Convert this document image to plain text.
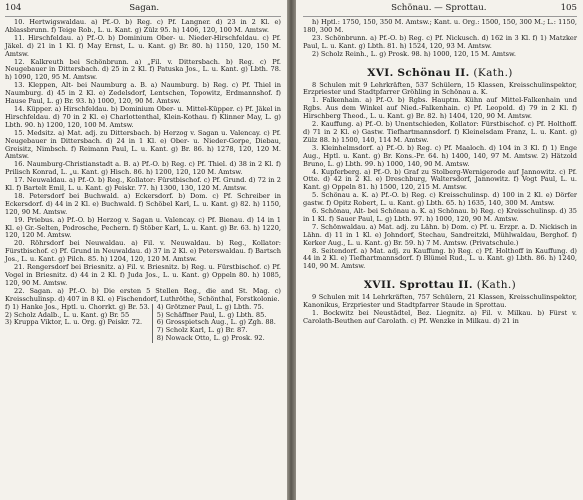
104	Sagan.

10. Hertwigswaldau. a) Pf.-O. b) Reg. c) Pf. Langner. d) 23 in 2 Kl. e) Ablassbrunn. f) Teige Rob., L. u. Kant. g) Zülz 95. h) 1406, 120, 100 M. Amtsw.

11. Hirschfeldau. a) Pf.-O. b) Dominium Ober- u. Nieder-Hirschfeldau. c) Pf. Jäkel. d) 21 in 1 Kl. f) May Ernst, L. u. Kant. g) Br. 80. h) 1150, 120, 150 M. Amtsw.

12. Kalkreuth bei Schönbrunn. a) „Fil. v. Dittersbach. b) Reg. c) Pf. Neugebauer in Dittersbach. d) 25 in 2 Kl. f) Patuska Jos., L. u. Kant. g) Lbth. 78. h) 1090, 120, 95 M. Amtsw.

13. Kleppen, Alt- bei Naumburg a. B. a) Naumburg. b) Reg. c) Pf. Thiel in Naumburg. d) 45 in 2 Kl. e) Zedelsdorf, Lentschen, Topowitz, Erdmannshof. f) Hause Paul, L. g) Br. 93. h) 1000, 120, 90 M. Amtsw.

14. Küpper. a) Hirschfeldau. b) Dominium Ober- u. Mittel-Küpper. c) Pf. Jäkel in Hirschfeldau. d) 70 in 2 Kl. e) Charlottenthal, Klein-Kothau. f) Klinner May, L. g) Lbth. 90. h) 1200, 120, 100 M. Amtsw.

15. Medsitz. a) Mat. adj. zu Dittersbach. b) Herzog v. Sagan u. Valencay. c) Pf. Neugebauer in Dittersbach. d) 24 in 1 Kl. e) Ober- u. Nieder-Gorpe, Diebau, Greisitz, Nimbsch. f) Reimann Paul, L. u. Kant. g) Br. 86. h) 1278, 120, 120 M. Amtsw.

16. Naumburg-Christianstadt a. B. a) Pf.-O. b) Reg. c) Pf. Thiel. d) 38 in 2 Kl. f) Prilisch Konrad, L. „u. Kant. g) Hisch. 86. h) 1200, 120, 120 M. Amtsw.

17. Neuwaldau. a) Pf.-O. b) Reg., Kollator: Fürstbischof. c) Pf. Grund. d) 72 in 2 Kl. f) Bartelt Emil, L. u. Kant. g) Peiskr. 77. h) 1300, 130, 120 M. Amtsw.

18. Petersdorf bei Buchwald. a) Eckersdorf. b) Dom. c) Pf. Schreiber in Eckersdorf. d) 44 in 2 Kl. e) Buchwald. f) Schöbel Karl, L. u. Kant. g) 82. h) 1150, 120, 90 M. Amtsw.

19. Priebus. a) Pf.-O. b) Herzog v. Sagan u. Valencay. c) Pf. Bienau. d) 14 in 1 Kl. e) Gr.-Selten, Podrosche, Pechern. f) Stöber Karl, L. u. Kant. g) Br. 63. h) 1220, 120, 120 M. Amtsw.

20. Röhrsdorf bei Neuwaldau. a) Fil. v. Neuwaldau. b) Reg., Kollator: Fürstbischof. c) Pf. Grund in Neuwaldau. d) 37 in 2 Kl. e) Peterswaldau. f) Bartsch Jos., L. u. Kant. g) Pilch. 85. h) 1204, 120, 120 M. Amtsw.

21. Rengersdorf bei Briesnitz. a) Fil. v. Briesnitz. b) Reg. u. Fürstbischof. c) Pf. Vogel in Briesnitz. d) 44 in 2 Kl. f) Juda Jos., L. u. Kant. g) Oppeln 80. h) 1085, 120, 90 M. Amtsw.

22. Sagan. a) Pf.-O. b) Die ersten 5 Stellen Reg., die and St. Mag. c) Kreisschulinsp. d) 407 in 8 Kl. e) Fischendorf, Luthröthe, Schönthal, Forstkolonie.

f) 1) Hanke Jos., Hptl. u. Chorrkt. g) Br. 53.
2) Scholz Adalb., L. u. Kant. g) Br. 55
3) Kruppa Viktor, L. u. Org. g) Peiskr. 72.
4) Grötzner Paul, L. g) Lbth. 75.
5) Schäffner Paul, L. g) Lbth. 85.
6) Grosspietsch Aug., L. g) Zgh. 88.
7) Scholz Karl, L. g) Br. 87.
8) Nowack Otto, L. g) Prosk. 92.
Schönau. — Sprottau.	105

h) Hptl.: 1750, 150, 350 M. Amtsw.; Kant. u. Org.: 1500, 150, 300 M.; L.: 1150, 180, 300 M.

23. Schönbrunn. a) Pf.-O. b) Reg. c) Pf. Nickusch. d) 162 in 3 Kl. f) 1) Matzker Paul, L. u. Kant. g) Lbth. 81. h) 1524, 120, 93 M. Amtsw.

2) Scholz Reinh., L. g) Prosk. 98. h) 1000, 120, 15 M. Amtsw.

XVI. Schönau II. (Kath.)

8 Schulen mit 9 Lehrkräften, 537 Schülern, 15 Klassen, Kreisschulinspektor, Erzpriester und Stadtpfarrer Gröhling in Schönau a. K.

1. Falkenhain. a) Pf.-O. b) Rgbs. Hauptm. Kühn auf Mittel-Falkenhain und Rgbs. Aus dem Winkel auf Nied.-Falkenhain. c) Pf. Leopold. d) 79 in 2 Kl. f) Hirschberg Theod., L. u. Kant. g) Br. 82. h) 1404, 120, 90 M. Amtsw.

2. Kauffung. a) Pf.-O. b) Unentschieden, Kollator: Fürstbischof. c) Pf. Holthoff. d) 71 in 2 Kl. e) Gastw. Tiefhartmannsdorf. f) Kleinelsdam Franz, L. u. Kant. g) Zülz 88. h) 1500, 140, 114 M. Amtsw.

3. Kleinhelmsdorf. a) Pf.-O. b) Reg. c) Pf. Maaloch. d) 104 in 3 Kl. f) 1) Enge Aug., Hptl. u. Kant. g) Br. Kons.-Pr. 64. h) 1400, 140, 97 M. Amtsw. 2) Hätzold Bruno, L. g) Lbth. 99. h) 1000, 140, 90 M. Amtsw.

4. Kupferberg. a) Pf.-O. b) Graf zu Stolberg-Wernigerode auf Jannowitz. c) Pf. Otte. d) 42 in 2 Kl. e) Dreschburg, Waltersdorf, Jannowitz. f) Vogt Paul, L. u. Kant. g) Oppeln 81. h) 1500, 120, 215 M. Amtsw.

5. Schönau a. K. a) Pf.-O. b) Reg. c) Kreisschulinsp. d) 100 in 2 Kl. e) Dörfer gastw. f) Opitz Robert, L. u. Kant. g) Lbth. 65. h) 1635, 140, 300 M. Amtsw.

6. Schönau, Alt- bei Schönau a. K. a) Schönau. b) Reg. c) Kreisschulinsp. d) 35 in 1 Kl. f) Sauer Paul, L. g) Lbth. 97. h) 1000, 120, 90 M. Amtsw.

7. Schönwaldau. a) Mat. adj. zu Lähn. b) Dom. c) Pf. u. Erzpr. a. D. Nickisch in Lähn. d) 11 in 1 Kl. e) Johndorf, Stechau, Sandreitzki, Mühlwaldau, Berghof. f) Kerker Aug., L. u. Kant. g) Br. 59. h) 7 M. Amtsw. (Privatschule.)

8. Seitendorf. a) Mat. adj. zu Kauffung. b) Reg. c) Pf. Holthoff in Kauffung. d) 44 in 2 Kl. e) Tiefhartmannsdorf. f) Blümel Rud., L. u. Kant. g) Lbth. 86. h) 1240, 140, 90 M. Amtsw.

XVII. Sprottau II. (Kath.)

9 Schulen mit 14 Lehrkräften, 757 Schülern, 21 Klassen, Kreisschulinspektor, Kanonikus, Erzpriester und Stadtpfarrer Staude in Sprottau.

1. Bockwitz bei Neustädtel, Bez. Liegnitz. a) Fil. v. Milkau. b) Fürst v. Carolath-Beuthen auf Carolath. c) Pf. Wenzke in Milkau. d) 21 in
